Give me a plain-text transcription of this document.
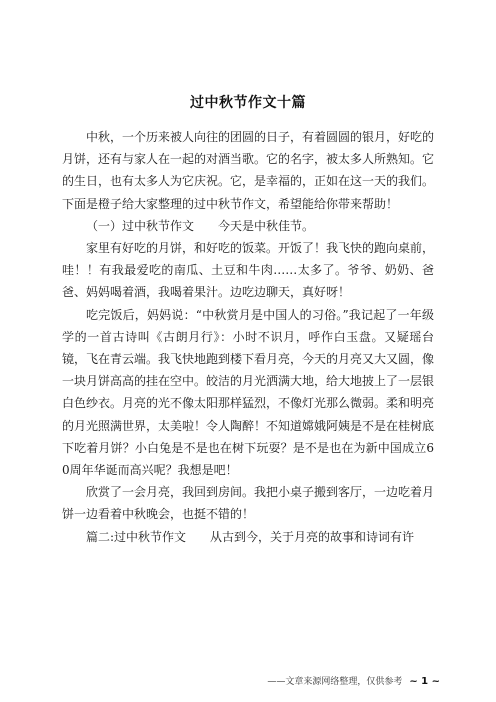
过中秋节作文十篇

中秋，一个历来被人向往的团圆的日子，有着圆圆的银月，好吃的月饼，还有与家人在一起的对酒当歌。它的名字，被太多人所熟知。它的生日，也有太多人为它庆祝。它，是幸福的，正如在这一天的我们。下面是橙子给大家整理的过中秋节作文，希望能给你带来帮助！

（一）过中秋节作文　　今天是中秋佳节。

家里有好吃的月饼，和好吃的饭菜。开饭了！我飞快的跑向桌前，哇！！有我最爱吃的南瓜、土豆和牛肉……太多了。爷爷、奶奶、爸爸、妈妈喝着酒，我喝着果汁。边吃边聊天，真好呀！

吃完饭后，妈妈说：“中秋赏月是中国人的习俗。”我记起了一年级学的一首古诗叫《古朗月行》：小时不识月，呼作白玉盘。又疑瑶台镜，飞在青云端。我飞快地跑到楼下看月亮，今天的月亮又大又圆，像一块月饼高高的挂在空中。皎洁的月光洒满大地，给大地披上了一层银白色纱衣。月亮的光不像太阳那样猛烈，不像灯光那么微弱。柔和明亮的月光照满世界，太美啦！令人陶醉！不知道嫦娥阿姨是不是在桂树底下吃着月饼？小白兔是不是也在树下玩耍？是不是也在为新中国成立60周年华诞而高兴呢？我想是吧！

欣赏了一会月亮，我回到房间。我把小桌子搬到客厅，一边吃着月饼一边看着中秋晚会，也挺不错的！

篇二:过中秋节作文　　从古到今，关于月亮的故事和诗词有许

——文章来源网络整理，仅供参考 ~ 1 ~
